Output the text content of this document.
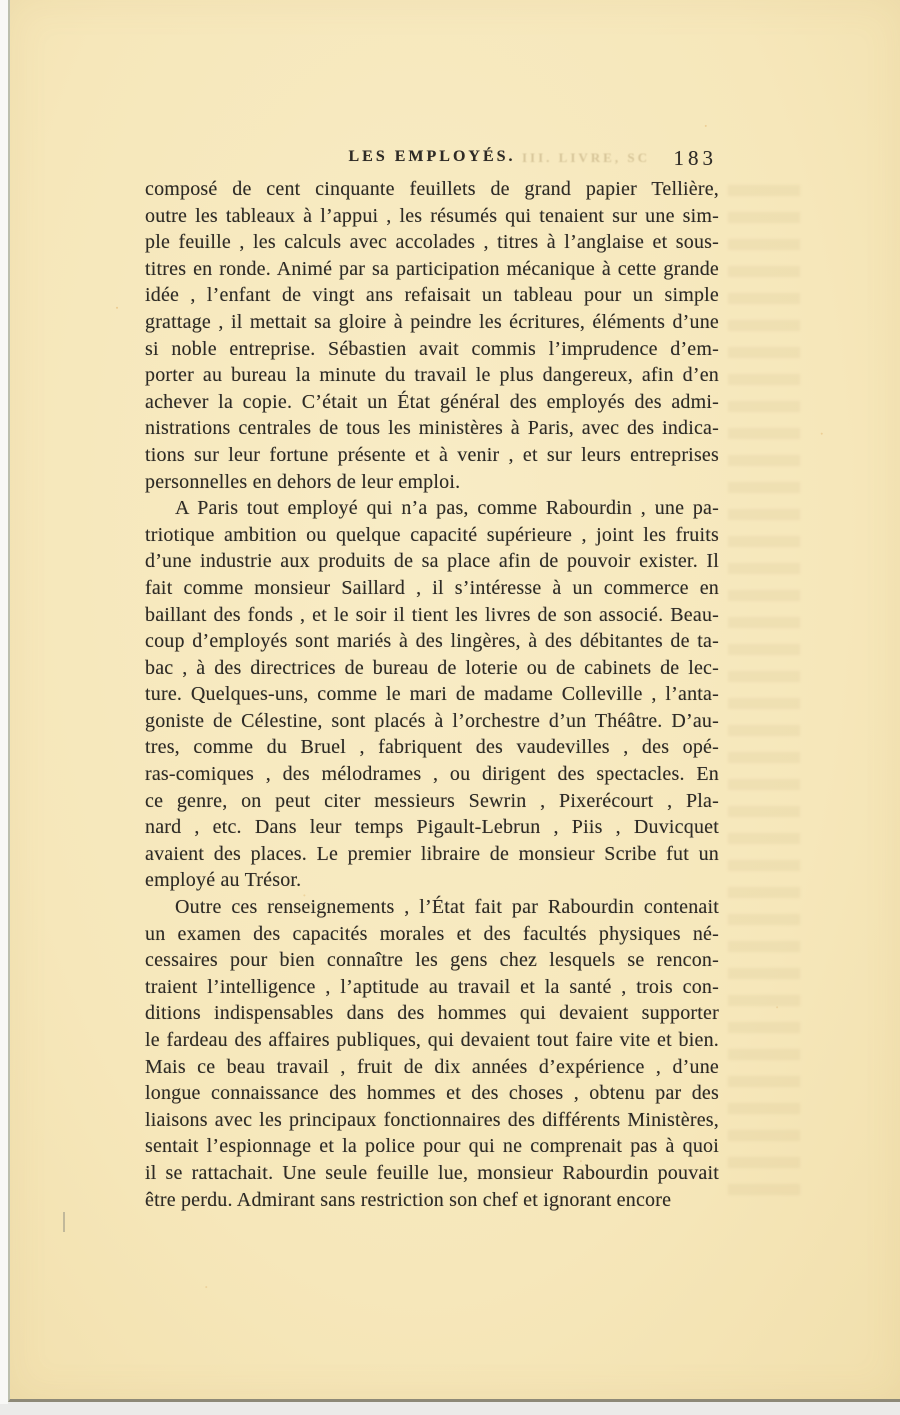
III. LIVRE, SC
LES EMPLOYÉS.	183
composé de cent cinquante feuillets de grand papier Tellière,
outre les tableaux à l’appui , les résumés qui tenaient sur une sim-
ple feuille , les calculs avec accolades , titres à l’anglaise et sous-
titres en ronde. Animé par sa participation mécanique à cette grande
idée , l’enfant de vingt ans refaisait un tableau pour un simple
grattage , il mettait sa gloire à peindre les écritures, éléments d’une
si noble entreprise. Sébastien avait commis l’imprudence d’em-
porter au bureau la minute du travail le plus dangereux, afin d’en
achever la copie. C’était un État général des employés des admi-
nistrations centrales de tous les ministères à Paris, avec des indica-
tions sur leur fortune présente et à venir , et sur leurs entreprises
personnelles en dehors de leur emploi.
A Paris tout employé qui n’a pas, comme Rabourdin , une pa-
triotique ambition ou quelque capacité supérieure , joint les fruits
d’une industrie aux produits de sa place afin de pouvoir exister. Il
fait comme monsieur Saillard , il s’intéresse à un commerce en
baillant des fonds , et le soir il tient les livres de son associé. Beau-
coup d’employés sont mariés à des lingères, à des débitantes de ta-
bac , à des directrices de bureau de loterie ou de cabinets de lec-
ture. Quelques-uns, comme le mari de madame Colleville , l’anta-
goniste de Célestine, sont placés à l’orchestre d’un Théâtre. D’au-
tres, comme du Bruel , fabriquent des vaudevilles , des opé-
ras-comiques , des mélodrames , ou dirigent des spectacles. En
ce genre, on peut citer messieurs Sewrin , Pixerécourt , Pla-
nard , etc. Dans leur temps Pigault-Lebrun , Piis , Duvicquet
avaient des places. Le premier libraire de monsieur Scribe fut un
employé au Trésor.
Outre ces renseignements , l’État fait par Rabourdin contenait
un examen des capacités morales et des facultés physiques né-
cessaires pour bien connaître les gens chez lesquels se rencon-
traient l’intelligence , l’aptitude au travail et la santé , trois con-
ditions indispensables dans des hommes qui devaient supporter
le fardeau des affaires publiques, qui devaient tout faire vite et bien.
Mais ce beau travail , fruit de dix années d’expérience , d’une
longue connaissance des hommes et des choses , obtenu par des
liaisons avec les principaux fonctionnaires des différents Ministères,
sentait l’espionnage et la police pour qui ne comprenait pas à quoi
il se rattachait. Une seule feuille lue, monsieur Rabourdin pouvait
être perdu. Admirant sans restriction son chef et ignorant encore
